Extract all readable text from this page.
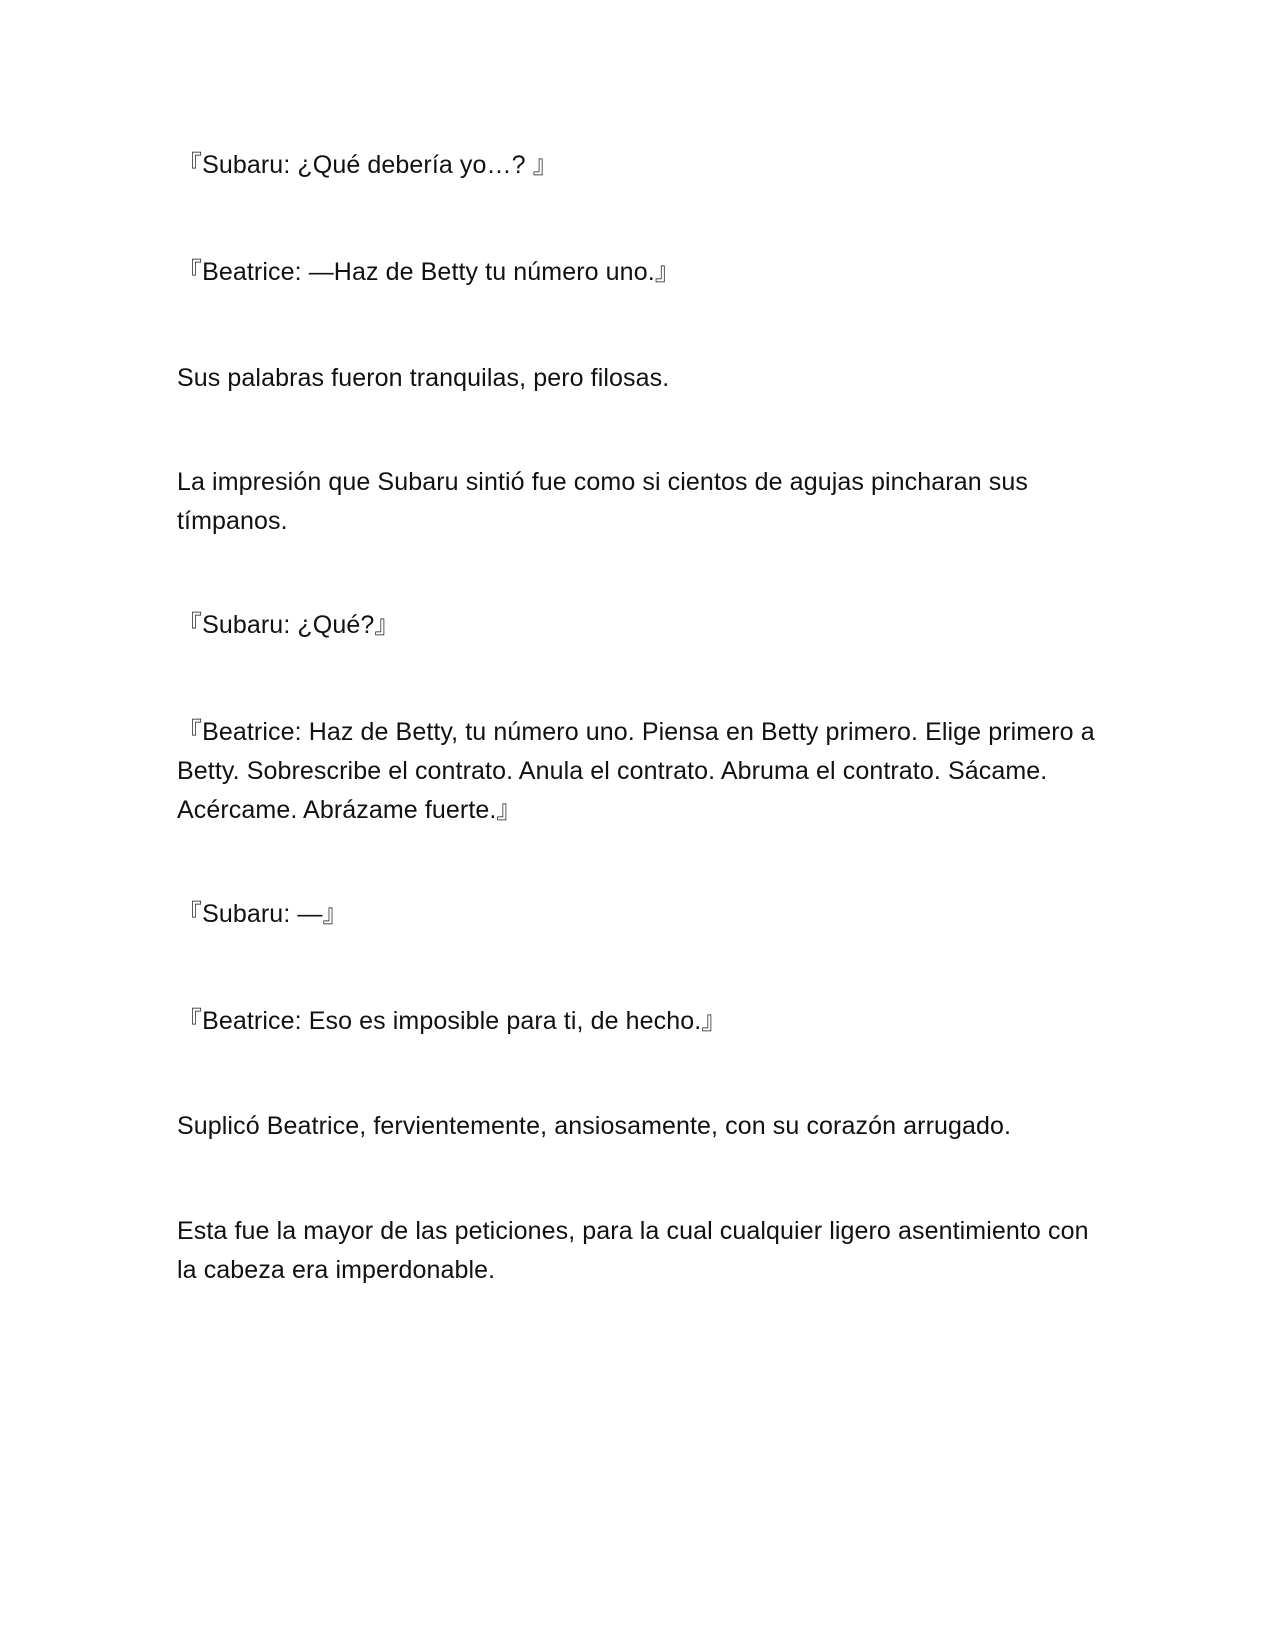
『Subaru: ¿Qué debería yo…? 』

『Beatrice: —Haz de Betty tu número uno.』

Sus palabras fueron tranquilas, pero filosas.

La impresión que Subaru sintió fue como si cientos de agujas pincharan sus tímpanos.

『Subaru: ¿Qué?』

『Beatrice: Haz de Betty, tu número uno. Piensa en Betty primero. Elige primero a Betty. Sobrescribe el contrato. Anula el contrato. Abruma el contrato. Sácame. Acércame. Abrázame fuerte.』

『Subaru: —』

『Beatrice: Eso es imposible para ti, de hecho.』

Suplicó Beatrice, fervientemente, ansiosamente, con su corazón arrugado.

Esta fue la mayor de las peticiones, para la cual cualquier ligero asentimiento con la cabeza era imperdonable.
